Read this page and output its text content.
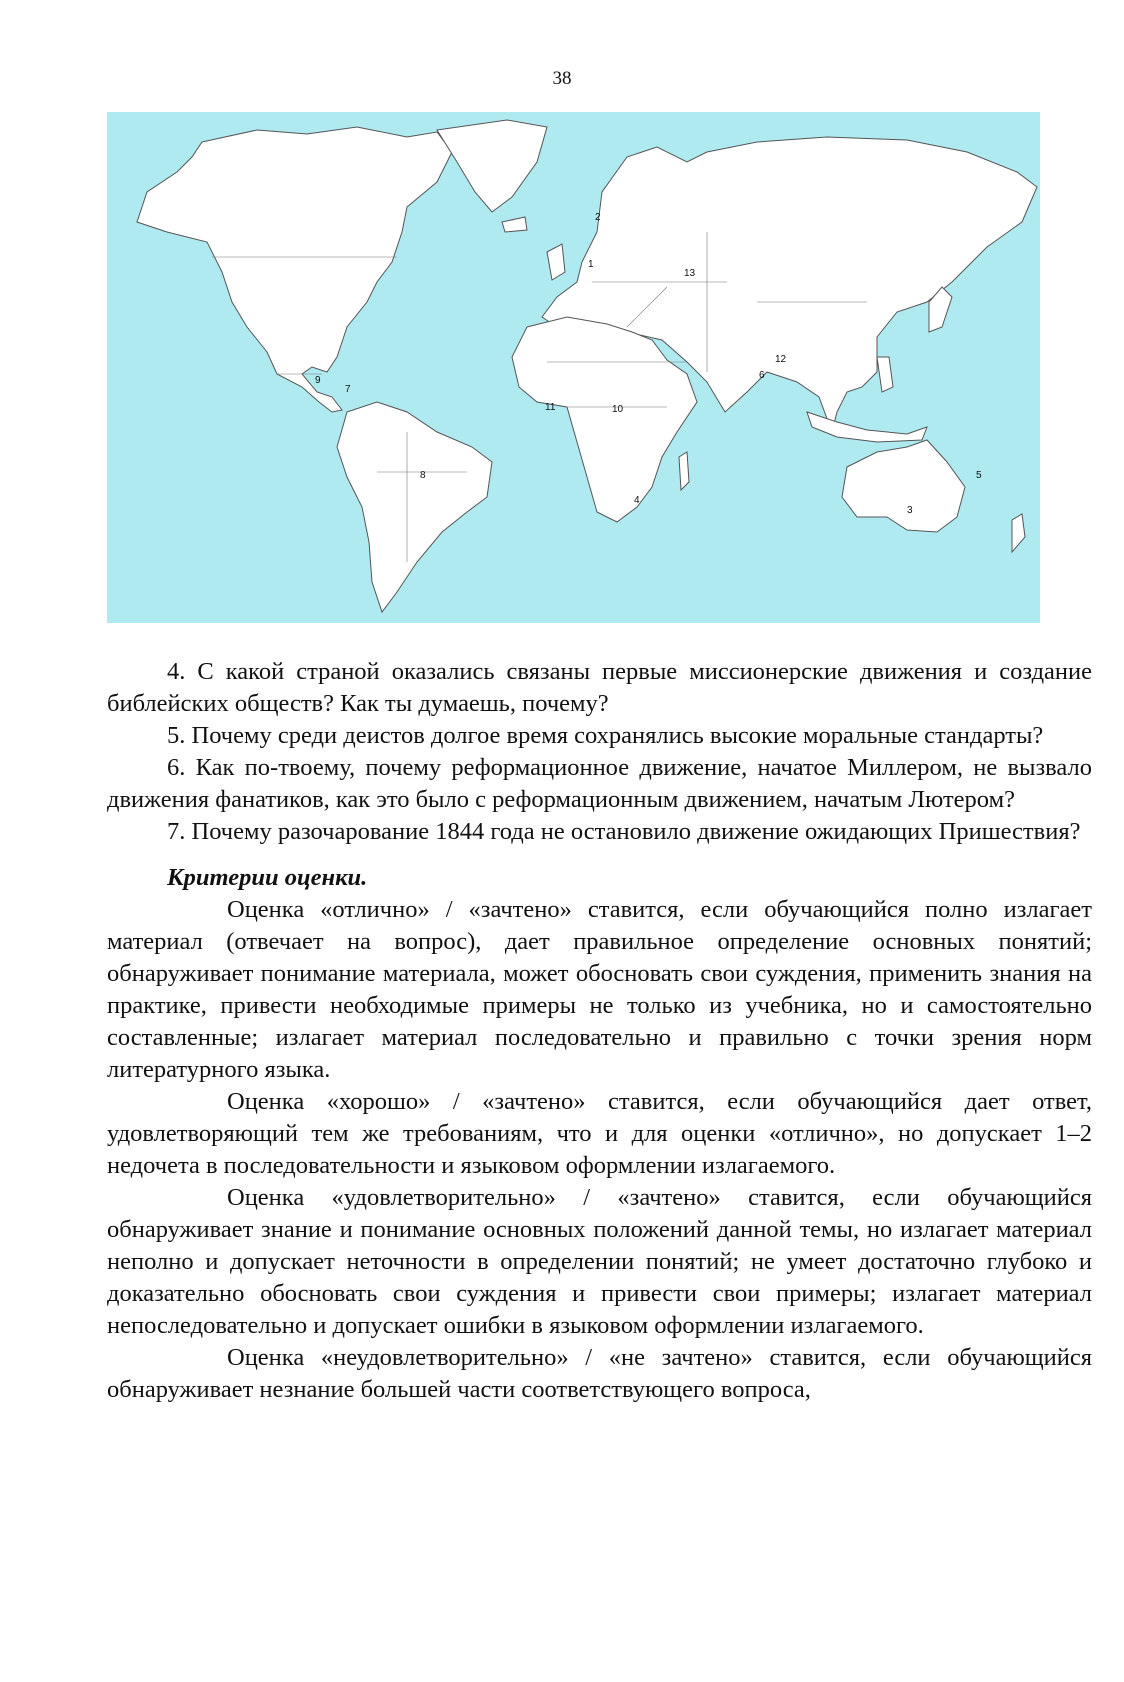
38
1
2
3
4
5
6
7
8
9
10
11
12
13

4. С какой страной оказались связаны первые миссионерские движения и создание библейских обществ? Как ты думаешь, почему?

5. Почему среди деистов долгое время сохранялись высокие моральные стандарты?

6. Как по-твоему, почему реформационное движение, начатое Миллером, не вызвало движения фанатиков, как это было с реформационным движением, начатым Лютером?

7. Почему разочарование 1844 года не остановило движение ожидающих Пришествия?

Критерии оценки.

Оценка «отлично» / «зачтено» ставится, если обучающийся полно излагает материал (отвечает на вопрос), дает правильное определение основных понятий; обнаруживает понимание материала, может обосновать свои суждения, применить знания на практике, привести необходимые примеры не только из учебника, но и самостоятельно составленные; излагает материал последовательно и правильно с точки зрения норм литературного языка.

Оценка «хорошо» / «зачтено» ставится, если обучающийся дает ответ, удовлетворяющий тем же требованиям, что и для оценки «отлично», но допускает 1–2 недочета в последовательности и языковом оформлении излагаемого.

Оценка «удовлетворительно» / «зачтено» ставится, если обучающийся обнаруживает знание и понимание основных положений данной темы, но излагает материал неполно и допускает неточности в определении понятий; не умеет достаточно глубоко и доказательно обосновать свои суждения и привести свои примеры; излагает материал непоследовательно и допускает ошибки в языковом оформлении излагаемого.

Оценка «неудовлетворительно» / «не зачтено» ставится, если обучающийся обнаруживает незнание большей части соответствующего вопроса,
